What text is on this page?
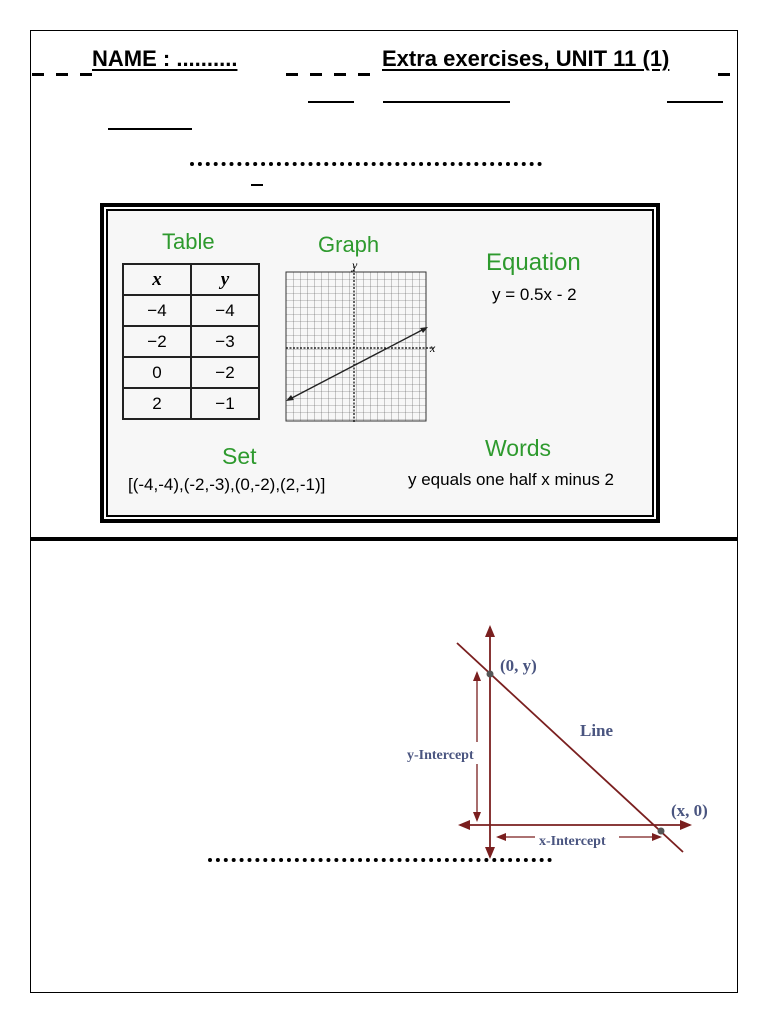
NAME : ..........	Extra exercises, UNIT 11 (1)
Table
x	y
−4	−4
−2	−3
0	−2
2	−1
Graph
y
x
Equation
y = 0.5x - 2
Set
[(-4,-4),(-2,-3),(0,-2),(2,-1)]
Words
y equals one half x minus 2
(0, y)
(x, 0)
Line
y-Intercept
x-Intercept
